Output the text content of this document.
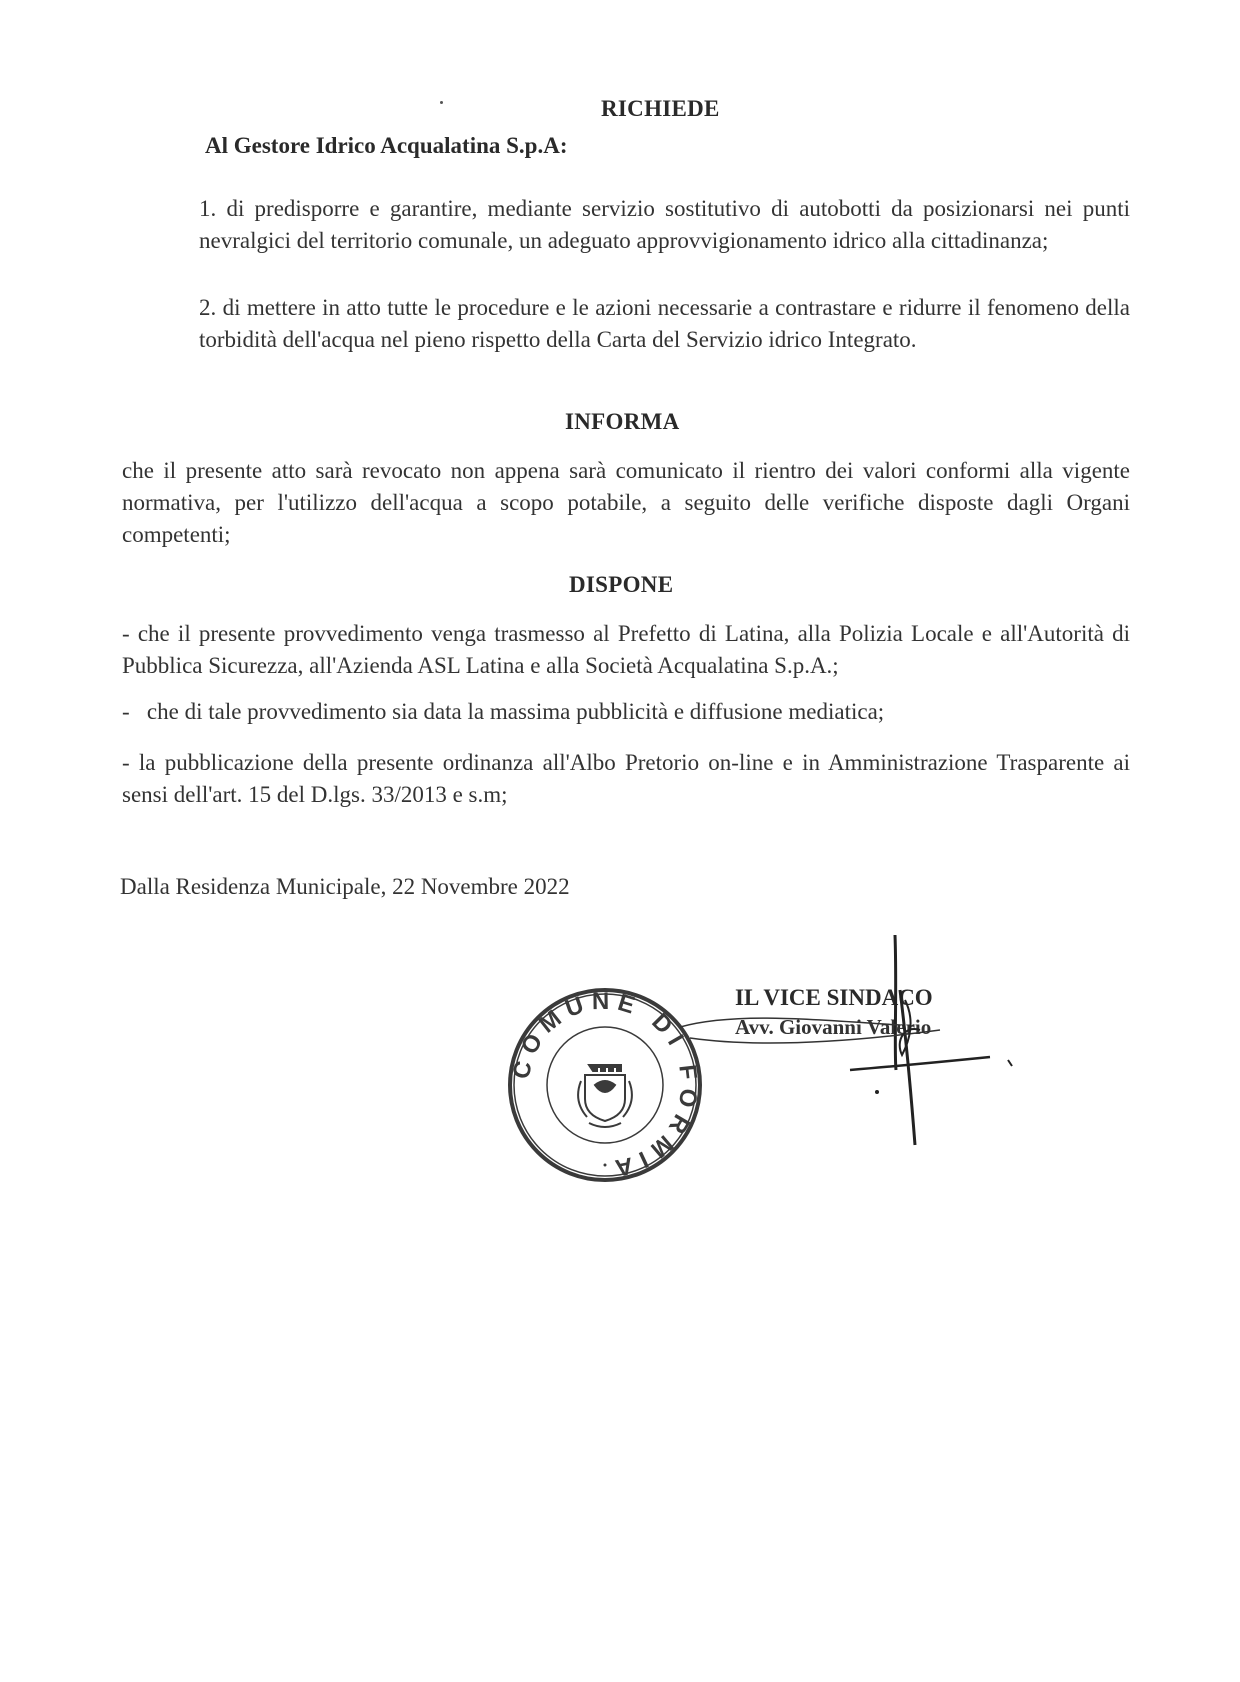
RICHIEDE
Al Gestore Idrico Acqualatina S.p.A:
1. di predisporre e garantire, mediante servizio sostitutivo di autobotti da posizionarsi nei punti nevralgici del territorio comunale, un adeguato approvvigionamento idrico alla cittadinanza;
2. di mettere in atto tutte le procedure e le azioni necessarie a contrastare e ridurre il fenomeno della torbidità dell'acqua nel pieno rispetto della Carta del Servizio idrico Integrato.
INFORMA
che il presente atto sarà revocato non appena sarà comunicato il rientro dei valori conformi alla vigente normativa, per l'utilizzo dell'acqua a scopo potabile, a seguito delle verifiche disposte dagli Organi competenti;
DISPONE
- che il presente provvedimento venga trasmesso al Prefetto di Latina, alla Polizia Locale e all'Autorità di Pubblica Sicurezza, all'Azienda ASL Latina e alla Società Acqualatina S.p.A.;
-   che di tale provvedimento sia data la massima pubblicità e diffusione mediatica;
- la pubblicazione della presente ordinanza all'Albo Pretorio on-line e in Amministrazione Trasparente ai sensi dell'art. 15 del D.lgs. 33/2013 e s.m;
Dalla Residenza Municipale, 22 Novembre 2022
COMUNE DI FORMIA
IL VICE SINDACO
Avv. Giovanni Valerio
